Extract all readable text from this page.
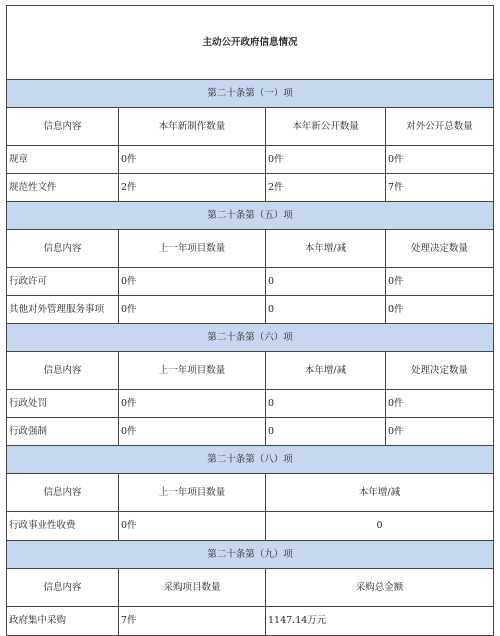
主动公开政府信息情况			
第二十条第（一）项			
信息内容	本年新制作数量	本年新公开数量	对外公开总数量
规章	0件	0件	0件
规范性文件	2件	2件	7件
第二十条第（五）项			
信息内容	上一年项目数量	本年增/减	处理决定数量
行政许可	0件	0	0件
其他对外管理服务事项	0件	0	0件
第二十条第（六）项			
信息内容	上一年项目数量	本年增/减	处理决定数量
行政处罚	0件	0	0件
行政强制	0件	0	0件
第二十条第（八）项			
信息内容	上一年项目数量	本年增/减	
行政事业性收费	0件	0	
第二十条第（九）项			
信息内容	采购项目数量	采购总金额	
政府集中采购	7件	1147.14万元	
